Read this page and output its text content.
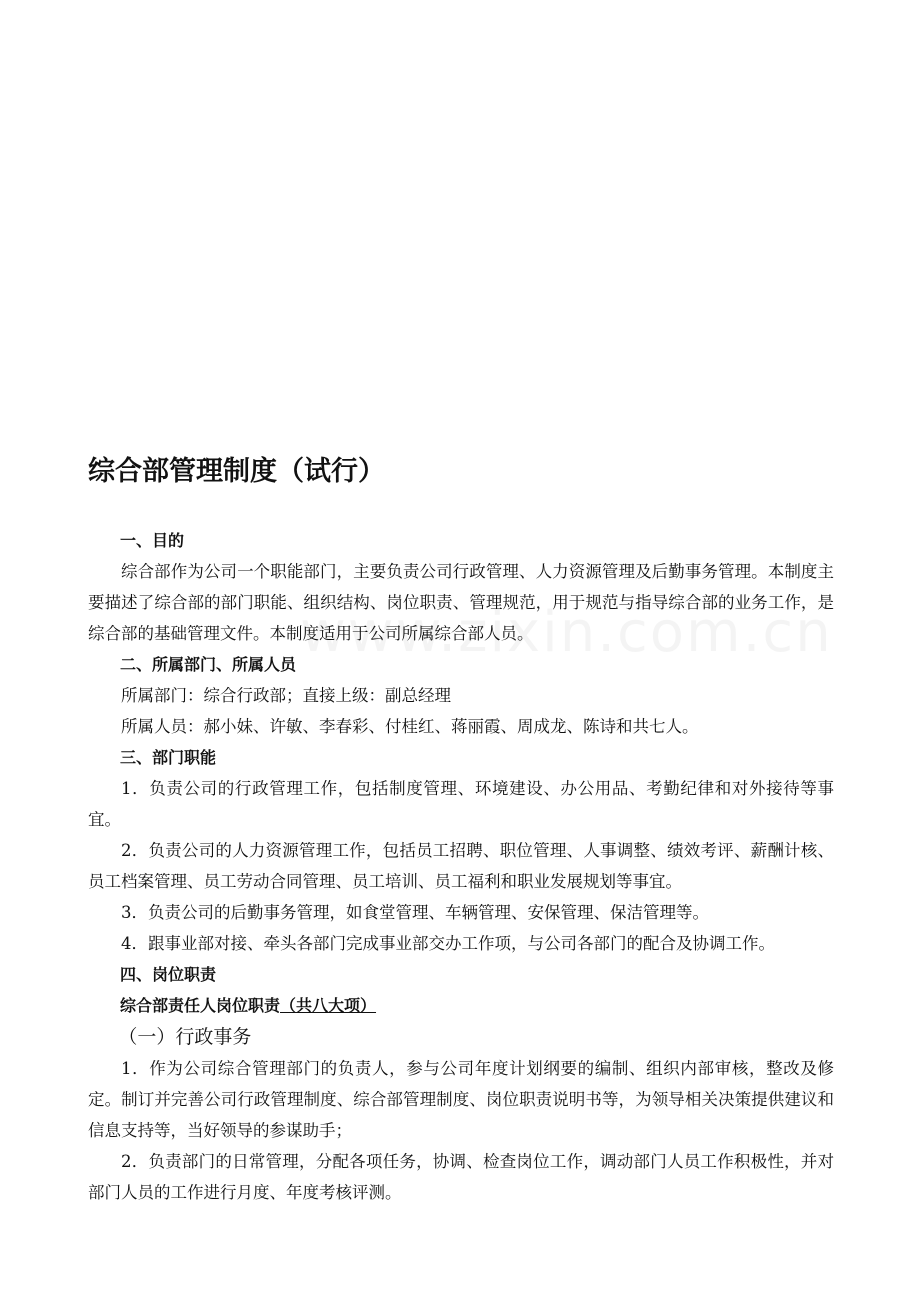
综合部管理制度（试行）

一、目的

综合部作为公司一个职能部门，主要负责公司行政管理、人力资源管理及后勤事务管理。本制度主要描述了综合部的部门职能、组织结构、岗位职责、管理规范，用于规范与指导综合部的业务工作，是综合部的基础管理文件。本制度适用于公司所属综合部人员。

二、所属部门、所属人员

所属部门：综合行政部；直接上级：副总经理

所属人员：郝小妹、许敏、李春彩、付桂红、蒋丽霞、周成龙、陈诗和共七人。

三、部门职能

1．负责公司的行政管理工作，包括制度管理、环境建设、办公用品、考勤纪律和对外接待等事宜。

2．负责公司的人力资源管理工作，包括员工招聘、职位管理、人事调整、绩效考评、薪酬计核、员工档案管理、员工劳动合同管理、员工培训、员工福利和职业发展规划等事宜。

3．负责公司的后勤事务管理，如食堂管理、车辆管理、安保管理、保洁管理等。

4．跟事业部对接、牵头各部门完成事业部交办工作项，与公司各部门的配合及协调工作。

四、岗位职责

综合部责任人岗位职责（共八大项）

（一）行政事务

1．作为公司综合管理部门的负责人，参与公司年度计划纲要的编制、组织内部审核，整改及修定。制订并完善公司行政管理制度、综合部管理制度、岗位职责说明书等，为领导相关决策提供建议和信息支持等，当好领导的参谋助手；

2．负责部门的日常管理，分配各项任务，协调、检查岗位工作，调动部门人员工作积极性，并对部门人员的工作进行月度、年度考核评测。
